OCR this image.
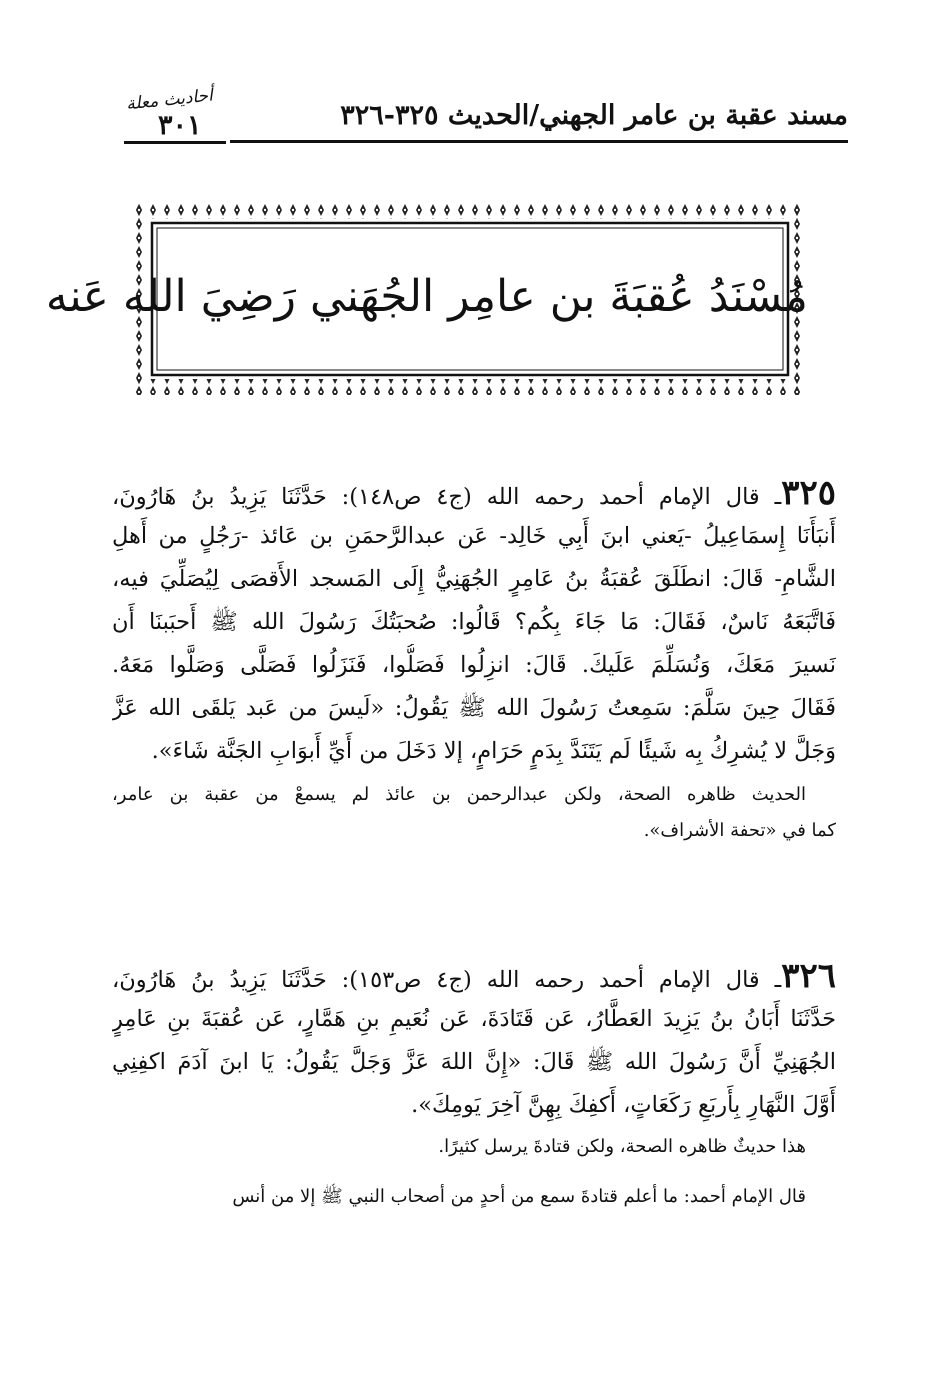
مسند عقبة بن عامر الجهني/الحديث ٣٢٥-٣٢٦
أحاديث معلة
٣٠١
مُسْنَدُ عُقبَةَ بن عامِر الجُهَني رَضِيَ الله عَنه
٣٢٥ـ قال الإمام أحمد رحمه الله (ج٤ ص١٤٨): حَدَّثَنَا يَزِيدُ بنُ هَارُونَ،
أَنبَأَنَا إِسمَاعِيلُ -يَعني ابنَ أَبِي خَالِد- عَن عبدالرَّحمَنِ بن عَائذ -رَجُلٍ من أَهلِ
الشَّامِ- قَالَ: انطَلَقَ عُقبَةُ بنُ عَامِرٍ الجُهَنِيُّ إِلَى المَسجد الأَقصَى لِيُصَلِّيَ فيه،
فَاتَّبَعَهُ نَاسٌ، فَقَالَ: مَا جَاءَ بِكُم؟ قَالُوا: صُحبَتُكَ رَسُولَ الله ﷺ أَحبَبنَا أَن
نَسيرَ مَعَكَ، وَنُسَلِّمَ عَلَيكَ. قَالَ: انزِلُوا فَصَلُّوا، فَنَزَلُوا فَصَلَّى وَصَلَّوا مَعَهُ.
فَقَالَ حِينَ سَلَّمَ: سَمِعتُ رَسُولَ الله ﷺ يَقُولُ: «لَيسَ من عَبد يَلقَى الله عَزَّ
وَجَلَّ لا يُشرِكُ بِه شَيئًا لَم يَتَنَدَّ بِدَمٍ حَرَامٍ، إلا دَخَلَ من أَيِّ أَبوَابِ الجَنَّة شَاءَ».
الحديث ظاهره الصحة، ولكن عبدالرحمن بن عائذ لم يسمعْ من عقبة بن عامر،
كما في «تحفة الأشراف».
٣٢٦ـ قال الإمام أحمد رحمه الله (ج٤ ص١٥٣): حَدَّثَنَا يَزِيدُ بنُ هَارُونَ،
حَدَّثَنَا أَبَانُ بنُ يَزِيدَ العَطَّارُ، عَن قَتَادَةَ، عَن نُعَيمِ بنِ هَمَّارٍ، عَن عُقبَةَ بنِ عَامِرٍ
الجُهَنِيِّ أَنَّ رَسُولَ الله ﷺ قَالَ: «إِنَّ اللهَ عَزَّ وَجَلَّ يَقُولُ: يَا ابنَ آدَمَ اكفِنِي
أَوَّلَ النَّهَارِ بِأَربَعِ رَكَعَاتٍ، أَكفِكَ بِهِنَّ آخِرَ يَومِكَ».
هذا حديثٌ ظاهره الصحة، ولكن قتادةَ يرسل كثيرًا.
قال الإمام أحمد: ما أعلم قتادةَ سمع من أحدٍ من أصحاب النبي ﷺ إلا من أنس
